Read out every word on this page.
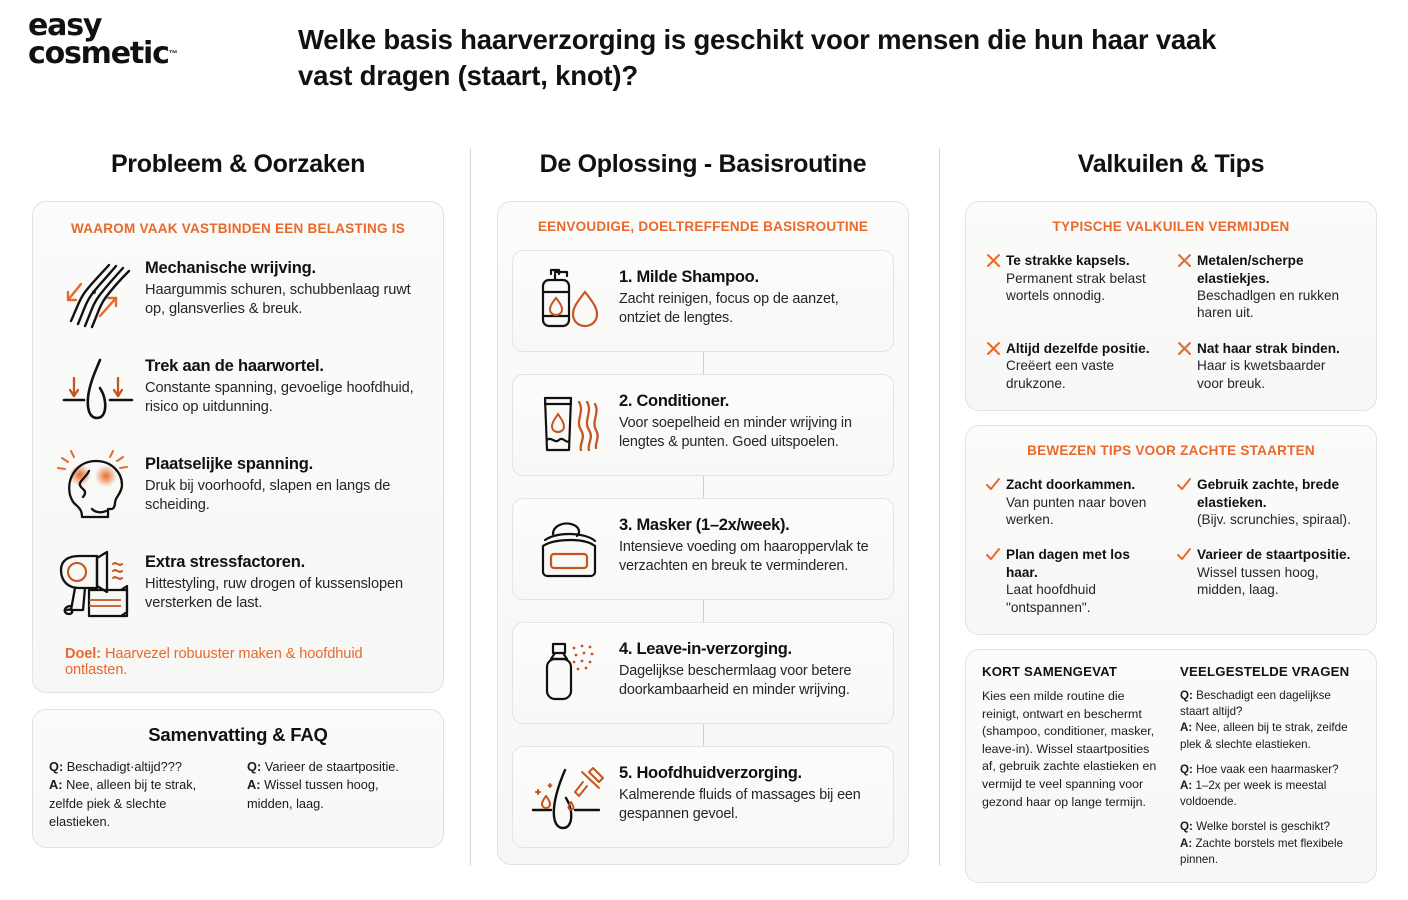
easy
cosmetic™	Welke basis haarverzorging is geschikt voor mensen die hun haar vaak vast dragen (staart, knot)?
Probleem & Oorzaken
WAAROM VAAK VASTBINDEN EEN BELASTING IS
Mechanische wrijving.
Haargummis schuren, schubbenlaag ruwt op, glansverlies & breuk.
Trek aan de haarwortel.
Constante spanning, gevoelige hoofdhuid, risico op uitdunning.
Plaatselijke spanning.
Druk bij voorhoofd, slapen en langs de scheiding.
Extra stressfactoren.
Hittestyling, ruw drogen of kussenslopen versterken de last.
Doel: Haarvezel robuuster maken & hoofdhuid ontlasten.
Samenvatting & FAQ
Q: Beschadigt·altijd???
A: Nee, alleen bij te strak, zelfde piek & slechte elastieken.
Q: Varieer de staartpositie.
A: Wissel tussen hoog, midden, laag.
De Oplossing - Basisroutine
EENVOUDIGE, DOELTREFFENDE BASISROUTINE
1. Milde Shampoo.
Zacht reinigen, focus op de aanzet, ontziet de lengtes.
2. Conditioner.
Voor soepelheid en minder wrijving in lengtes & punten. Goed uitspoelen.
3. Masker (1–2x/week).
Intensieve voeding om haaroppervlak te verzachten en breuk te verminderen.
4. Leave-in-verzorging.
Dagelijkse beschermlaag voor betere doorkambaarheid en minder wrijving.
5. Hoofdhuidverzorging.
Kalmerende fluids of massages bij een gespannen gevoel.
Valkuilen & Tips
TYPISCHE VALKUILEN VERMIJDEN
Te strakke kapsels.
Permanent strak belast wortels onnodig.
Metalen/scherpe elastiekjes.
Beschadlgen en rukken haren uit.
Altijd dezelfde positie.
Creëert een vaste drukzone.
Nat haar strak binden.
Haar is kwetsbaarder voor breuk.
BEWEZEN TIPS VOOR ZACHTE STAARTEN
Zacht doorkammen.
Van punten naar boven werken.
Gebruik zachte, brede elastieken.
(Bijv. scrunchies, spiraal).
Plan dagen met los haar.
Laat hoofdhuid "ontspannen".
Varieer de staartpositie.
Wissel tussen hoog, midden, laag.
KORT SAMENGEVAT
Kies een milde routine die reinigt, ontwart en beschermt (shampoo, conditioner, masker, leave-in). Wissel staartposities af, gebruik zachte elastieken en vermijd te veel spanning voor gezond haar op lange termijn.
VEELGESTELDE VRAGEN
Q: Beschadigt een dagelijkse staart altijd?
A: Nee, alleen bij te strak, zeifde plek & slechte elastieken.
Q: Hoe vaak een haarmasker?
A: 1–2x per week is meestal voldoende.
Q: Welke borstel is geschikt?
A: Zachte borstels met flexibele pinnen.
